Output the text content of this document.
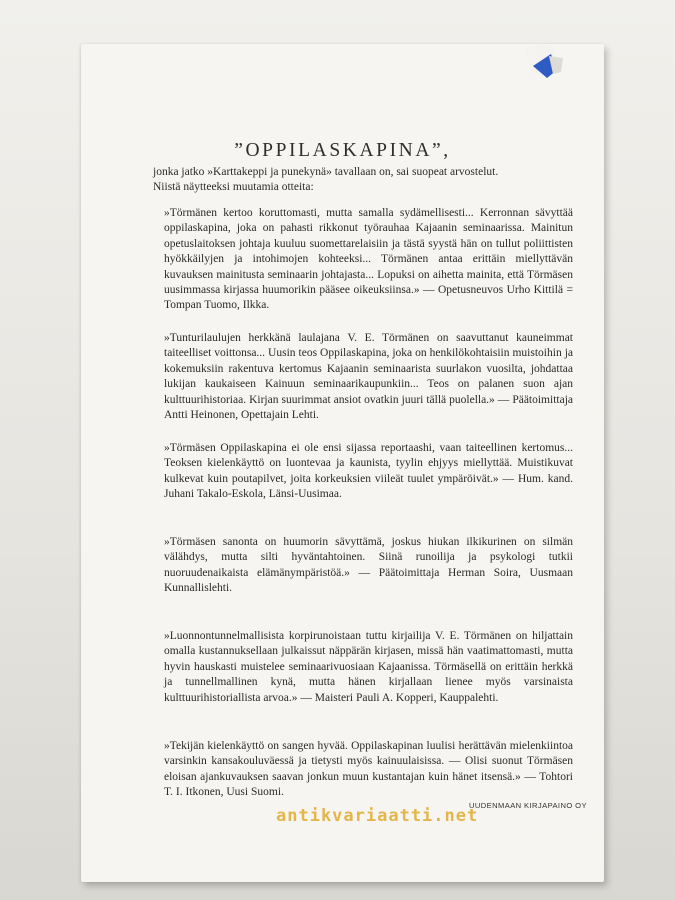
”OPPILASKAPINA”,
jonka jatko »Karttakeppi ja punekynä» tavallaan on, sai suopeat arvostelut.
Niistä näytteeksi muutamia otteita:
»Törmänen kertoo koruttomasti, mutta samalla sydämellisesti... Kerronnan sävyttää oppilaskapina, joka on pahasti rikkonut työrauhaa Kajaanin seminaarissa. Mainitun opetuslaitoksen johtaja kuuluu suomettarelaisiin ja tästä syystä hän on tullut poliittisten hyökkäilyjen ja intohimojen kohteeksi... Törmänen antaa erittäin miellyttävän kuvauksen mainitusta seminaarin johtajasta... Lopuksi on aihetta mainita, että Törmäsen uusimmassa kirjassa huumorikin pääsee oikeuksiinsa.» — Opetusneuvos Urho Kittilä = Tompan Tuomo, Ilkka.
»Tunturilaulujen herkkänä laulajana V. E. Törmänen on saavuttanut kauneimmat taiteelliset voittonsa... Uusin teos Oppilaskapina, joka on henkilökohtaisiin muistoihin ja kokemuksiin rakentuva kertomus Kajaanin seminaarista suurlakon vuosilta, johdattaa lukijan kaukaiseen Kainuun seminaarikaupunkiin... Teos on palanen suon ajan kulttuurihistoriaa. Kirjan suurimmat ansiot ovatkin juuri tällä puolella.» — Päätoimittaja Antti Heinonen, Opettajain Lehti.
»Törmäsen Oppilaskapina ei ole ensi sijassa reportaashi, vaan taiteellinen kertomus... Teoksen kielenkäyttö on luontevaa ja kaunista, tyylin ehjyys miellyttää. Muistikuvat kulkevat kuin poutapilvet, joita korkeuksien viileät tuulet ympäröivät.» — Hum. kand. Juhani Takalo-Eskola, Länsi-Uusimaa.
»Törmäsen sanonta on huumorin sävyttämä, joskus hiukan ilkikurinen on silmän välähdys, mutta silti hyväntahtoinen. Siinä runoilija ja psykologi tutkii nuoruudenaikaista elämänympäristöä.» — Päätoimittaja Herman Soira, Uusmaan Kunnallislehti.
»Luonnontunnelmallisista korpirunoistaan tuttu kirjailija V. E. Törmänen on hiljattain omalla kustannuksellaan julkaissut näppärän kirjasen, missä hän vaatimattomasti, mutta hyvin hauskasti muistelee seminaarivuosiaan Kajaanissa. Törmäsellä on erittäin herkkä ja tunnellmallinen kynä, mutta hänen kirjallaan lienee myös varsinaista kulttuurihistoriallista arvoa.» — Maisteri Pauli A. Kopperi, Kauppalehti.
»Tekijän kielenkäyttö on sangen hyvää. Oppilaskapinan luulisi herättävän mielenkiintoa varsinkin kansakouluväessä ja tietysti myös kainuulaisissa. — Olisi suonut Törmäsen eloisan ajankuvauksen saavan jonkun muun kustantajan kuin hänet itsensä.» — Tohtori T. I. Itkonen, Uusi Suomi.
UUDENMAAN KIRJAPAINO OY
antikvariaatti.net
